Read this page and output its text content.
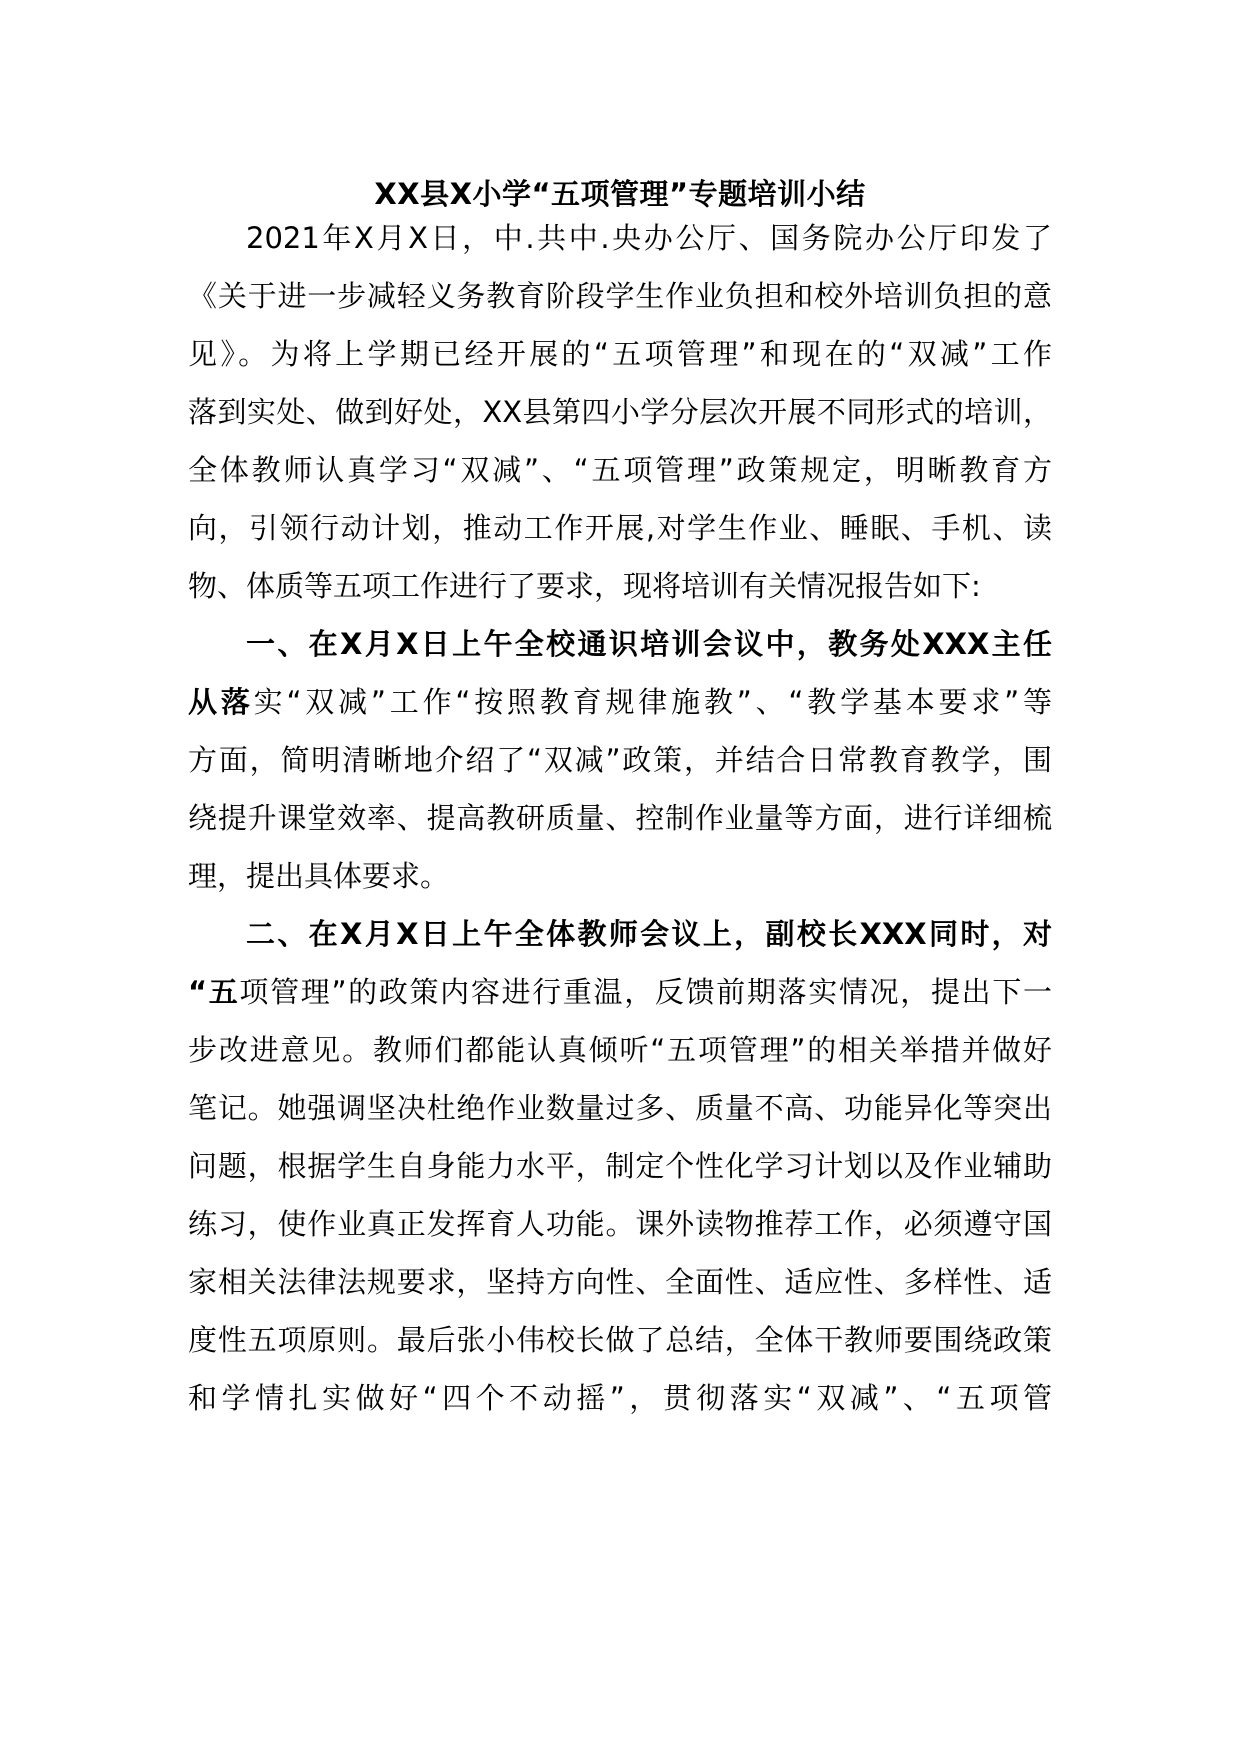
XX县X小学“五项管理”专题培训小结
2021年X月X日，中.共中.央办公厅、国务院办公厅印发了
《关于进一步减轻义务教育阶段学生作业负担和校外培训负担的意
见》。为将上学期已经开展的“五项管理”和现在的“双减”工作
落到实处、做到好处，XX县第四小学分层次开展不同形式的培训，
全体教师认真学习“双减”、“五项管理”政策规定，明晰教育方
向，引领行动计划，推动工作开展,对学生作业、睡眠、手机、读
物、体质等五项工作进行了要求，现将培训有关情况报告如下:
一、在X月X日上午全校通识培训会议中，教务处XXX主任
从落实“双减”工作“按照教育规律施教”、“教学基本要求”等
方面，简明清晰地介绍了“双减”政策，并结合日常教育教学，围
绕提升课堂效率、提高教研质量、控制作业量等方面，进行详细梳
理，提出具体要求。
二、在X月X日上午全体教师会议上，副校长XXX同时，对
“五项管理”的政策内容进行重温，反馈前期落实情况，提出下一
步改进意见。教师们都能认真倾听“五项管理”的相关举措并做好
笔记。她强调坚决杜绝作业数量过多、质量不高、功能异化等突出
问题，根据学生自身能力水平，制定个性化学习计划以及作业辅助
练习，使作业真正发挥育人功能。课外读物推荐工作，必须遵守国
家相关法律法规要求，坚持方向性、全面性、适应性、多样性、适
度性五项原则。最后张小伟校长做了总结，全体干教师要围绕政策
和学情扎实做好“四个不动摇”，贯彻落实“双减”、“五项管
